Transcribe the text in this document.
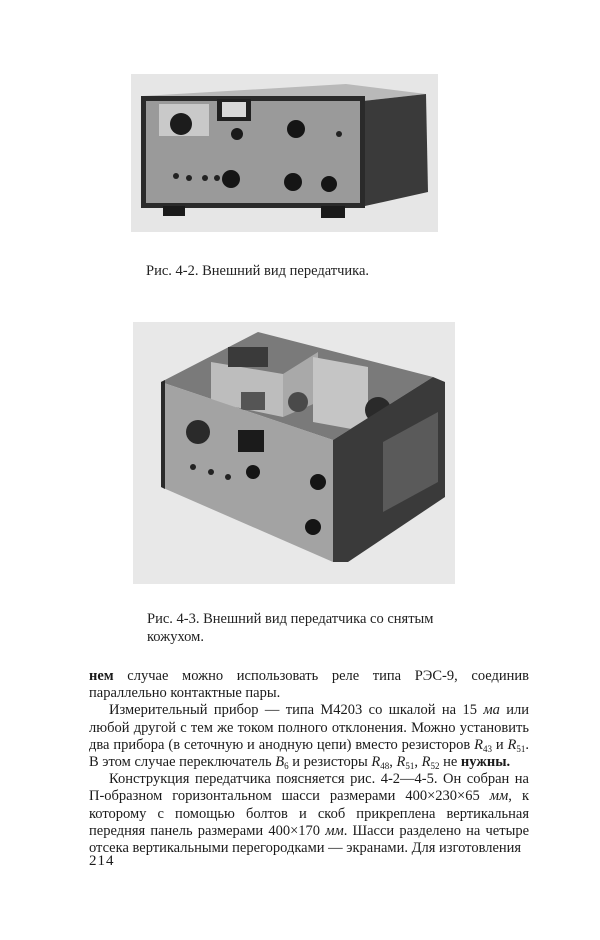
Рис. 4-2. Внешний вид передатчика.
Рис. 4-3. Внешний вид передатчика со снятым
кожухом.

нем случае можно использовать реле типа РЭС-9, соединив параллельно контактные пары.

Измерительный прибор — типа М4203 со шкалой на 15 ма или любой другой с тем же током полного отклонения. Можно установить два прибора (в сеточную и анодную цепи) вместо резисторов $R_{43}$ и $R_{51}$. В этом случае переключатель $В_6$ и резисторы $R_{48}$, $R_{51}$, $R_{52}$ не нужны.

Конструкция передатчика поясняется рис. 4-2—4-5. Он собран на П-образном горизонтальном шасси размерами 400×230×65 мм, к которому с помощью болтов и скоб прикреплена вертикальная передняя панель размерами 400×170 мм. Шасси разделено на четыре отсека вертикальными перегородками — экранами. Для изготовления

214
